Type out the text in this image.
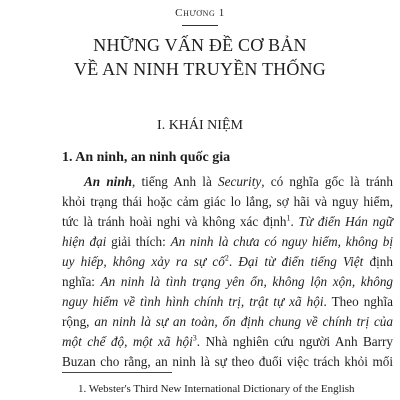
Chương 1
NHỮNG VẤN ĐỀ CƠ BẢN
VỀ AN NINH TRUYỀN THỐNG
I. KHÁI NIỆM
1. An ninh, an ninh quốc gia
An ninh, tiếng Anh là Security, có nghĩa gốc là tránh
khỏi trạng thái hoặc cảm giác lo lắng, sợ hãi và nguy hiểm,
tức là tránh hoài nghi và không xác định$^1$. Từ điển Hán ngữ
hiện đại giải thích: An ninh là chưa có nguy hiểm, không bị
uy hiếp, không xảy ra sự cố$^2$. Đại từ điển tiếng Việt định
nghĩa: An ninh là tình trạng yên ổn, không lộn xộn, không
nguy hiểm về tình hình chính trị, trật tự xã hội. Theo nghĩa
rộng, an ninh là sự an toàn, ổn định chung về chính trị của
một chế độ, một xã hội$^3$. Nhà nghiên cứu người Anh Barry
Buzan cho rằng, an ninh là sự theo đuổi việc trách khỏi mối
1. Webster's Third New International Dictionary of the English
